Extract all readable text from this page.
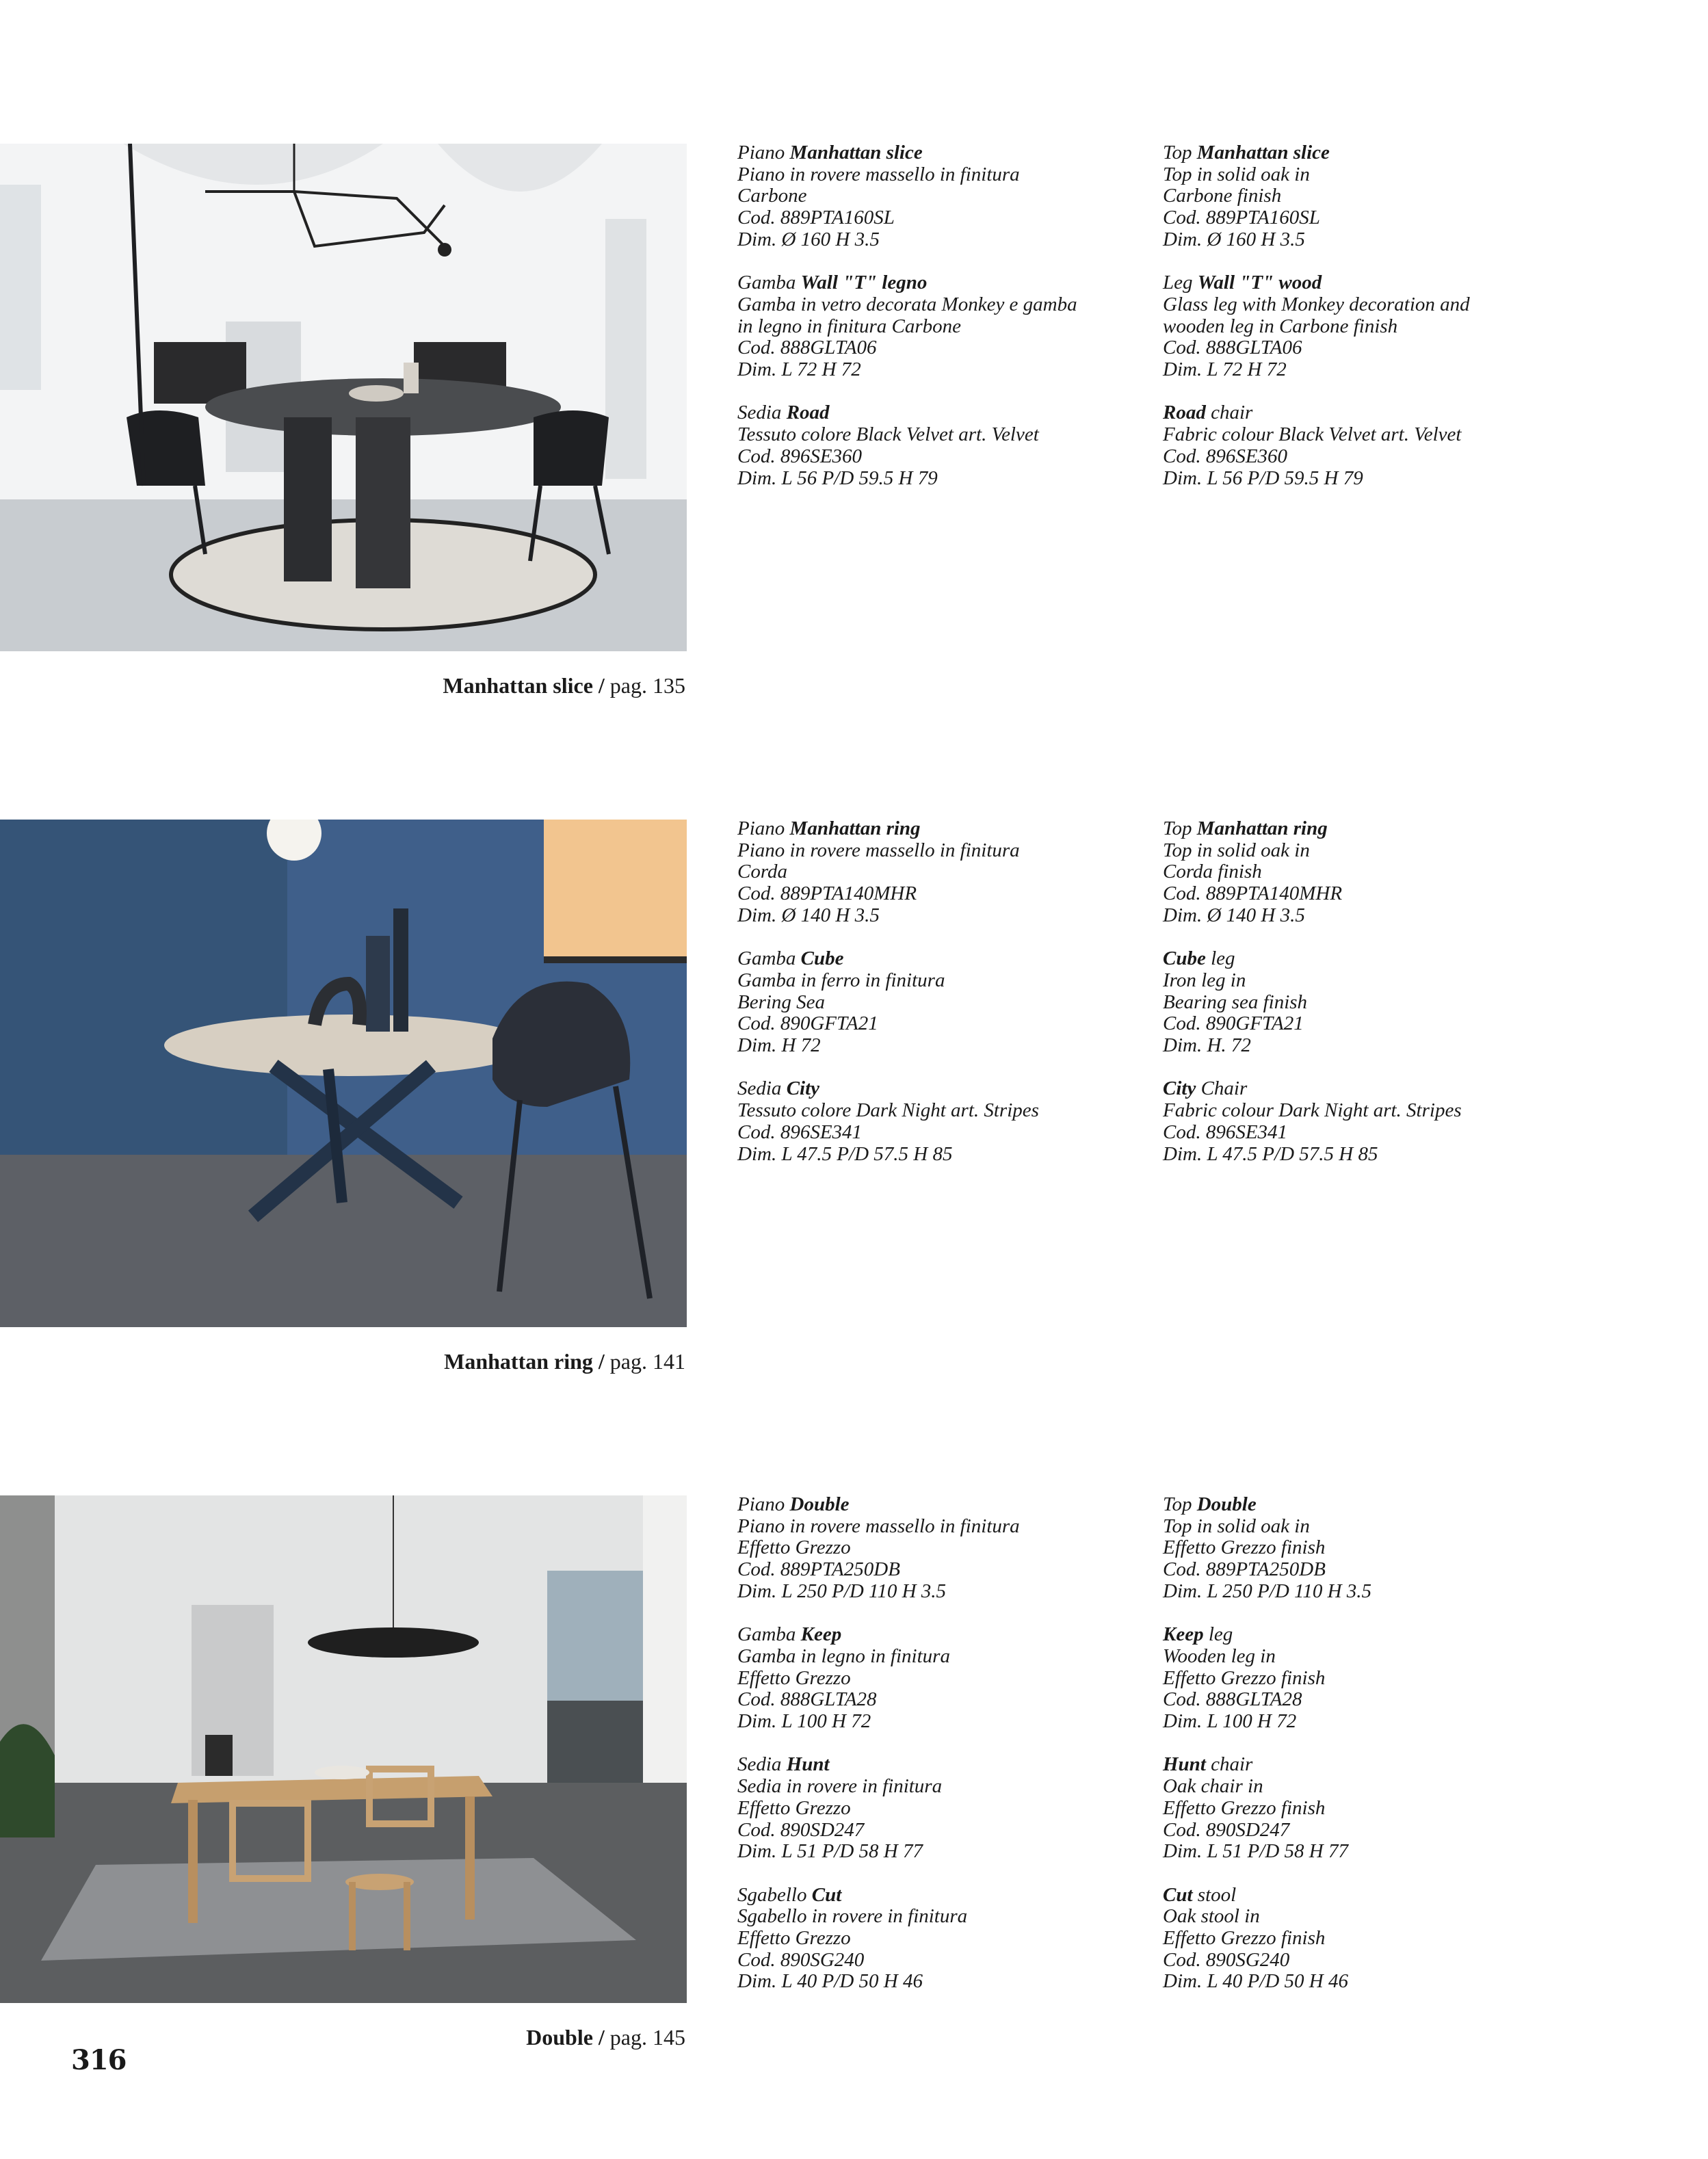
Manhattan slice / pag. 135
Piano Manhattan slice
Piano in rovere massello in finitura
Carbone
Cod. 889PTA160SL
Dim. Ø 160 H 3.5
Gamba Wall "T" legno
Gamba in vetro decorata Monkey e gamba
in legno in finitura Carbone
Cod. 888GLTA06
Dim. L 72 H 72
Sedia Road
Tessuto colore Black Velvet art. Velvet
Cod. 896SE360
Dim. L 56 P/D 59.5 H 79
Top Manhattan slice
Top in solid oak in
Carbone finish
Cod. 889PTA160SL
Dim. Ø 160 H 3.5
Leg Wall "T" wood
Glass leg with Monkey decoration and
wooden leg in Carbone finish
Cod. 888GLTA06
Dim. L 72 H 72
Road chair
Fabric colour Black Velvet art. Velvet
Cod. 896SE360
Dim. L 56 P/D 59.5 H 79
Manhattan ring / pag. 141
Piano Manhattan ring
Piano in rovere massello in finitura
Corda
Cod. 889PTA140MHR
Dim. Ø 140 H 3.5
Gamba Cube
Gamba in ferro in finitura
Bering Sea
Cod. 890GFTA21
Dim. H 72
Sedia City
Tessuto colore Dark Night art. Stripes
Cod. 896SE341
Dim. L 47.5 P/D 57.5 H 85
Top Manhattan ring
Top in solid oak in
Corda finish
Cod. 889PTA140MHR
Dim. Ø 140 H 3.5
Cube leg
Iron leg in
Bearing sea finish
Cod. 890GFTA21
Dim. H. 72
City Chair
Fabric colour Dark Night art. Stripes
Cod. 896SE341
Dim. L 47.5 P/D 57.5 H 85
Double / pag. 145
Piano Double
Piano in rovere massello in finitura
Effetto Grezzo
Cod. 889PTA250DB
Dim. L 250 P/D 110 H 3.5
Gamba Keep
Gamba in legno in finitura
Effetto Grezzo
Cod. 888GLTA28
Dim. L 100 H 72
Sedia Hunt
Sedia in rovere in finitura
Effetto Grezzo
Cod. 890SD247
Dim. L 51 P/D 58 H 77
Sgabello Cut
Sgabello in rovere in finitura
Effetto Grezzo
Cod. 890SG240
Dim. L 40 P/D 50 H 46
Top Double
Top in solid oak in
Effetto Grezzo finish
Cod. 889PTA250DB
Dim. L 250 P/D 110 H 3.5
Keep leg
Wooden leg in
Effetto Grezzo finish
Cod. 888GLTA28
Dim. L 100 H 72
Hunt chair
Oak chair in
Effetto Grezzo finish
Cod. 890SD247
Dim. L 51 P/D 58 H 77
Cut stool
Oak stool in
Effetto Grezzo finish
Cod. 890SG240
Dim. L 40 P/D 50 H 46
316
